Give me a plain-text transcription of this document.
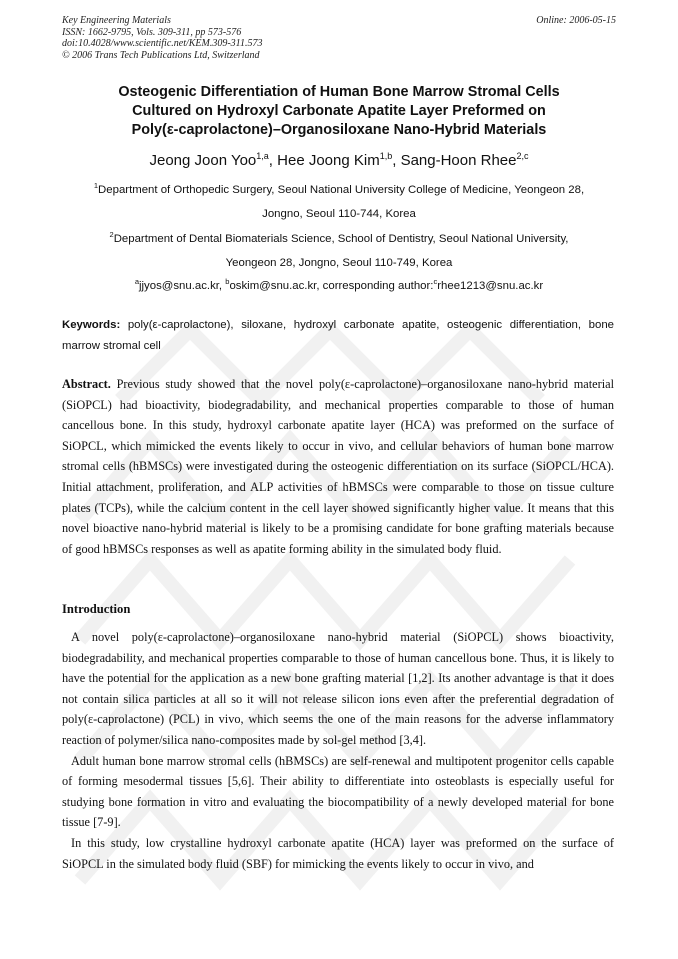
Key Engineering Materials
ISSN: 1662-9795, Vols. 309-311, pp 573-576
doi:10.4028/www.scientific.net/KEM.309-311.573
© 2006 Trans Tech Publications Ltd, Switzerland
Online: 2006-05-15
Osteogenic Differentiation of Human Bone Marrow Stromal Cells
Cultured on Hydroxyl Carbonate Apatite Layer Preformed on
Poly(ε-caprolactone)–Organosiloxane Nano-Hybrid Materials
Jeong Joon Yoo$^{1,a}$, Hee Joong Kim$^{1,b}$, Sang-Hoon Rhee$^{2,c}$
$^1$Department of Orthopedic Surgery, Seoul National University College of Medicine, Yeongeon 28,
Jongno, Seoul 110-744, Korea
$^2$Department of Dental Biomaterials Science, School of Dentistry, Seoul National University,
Yeongeon 28, Jongno, Seoul 110-749, Korea
$^a$jjyos@snu.ac.kr, $^b$oskim@snu.ac.kr, corresponding author:$^c$rhee1213@snu.ac.kr
Keywords: poly(ε-caprolactone), siloxane, hydroxyl carbonate apatite, osteogenic differentiation, bone marrow stromal cell
Abstract. Previous study showed that the novel poly(ε-caprolactone)–organosiloxane nano-hybrid material (SiOPCL) had bioactivity, biodegradability, and mechanical properties comparable to those of human cancellous bone. In this study, hydroxyl carbonate apatite layer (HCA) was preformed on the surface of SiOPCL, which mimicked the events likely to occur in vivo, and cellular behaviors of human bone marrow stromal cells (hBMSCs) were investigated during the osteogenic differentiation on its surface (SiOPCL/HCA). Initial attachment, proliferation, and ALP activities of hBMSCs were comparable to those on tissue culture plates (TCPs), while the calcium content in the cell layer showed significantly higher value. It means that this novel bioactive nano-hybrid material is likely to be a promising candidate for bone grafting materials because of good hBMSCs responses as well as apatite forming ability in the simulated body fluid.
Introduction

A novel poly(ε-caprolactone)–organosiloxane nano-hybrid material (SiOPCL) shows bioactivity, biodegradability, and mechanical properties comparable to those of human cancellous bone. Thus, it is likely to have the potential for the application as a new bone grafting material [1,2]. Its another advantage is that it does not contain silica particles at all so it will not release silicon ions even after the preferential degradation of poly(ε-caprolactone) (PCL) in vivo, which seems the one of the main reasons for the adverse inflammatory reaction of polymer/silica nano-composites made by sol-gel method [3,4].

Adult human bone marrow stromal cells (hBMSCs) are self-renewal and multipotent progenitor cells capable of forming mesodermal tissues [5,6]. Their ability to differentiate into osteoblasts is especially useful for studying bone formation in vitro and evaluating the biocompatibility of a newly developed material for bone tissue [7-9].

In this study, low crystalline hydroxyl carbonate apatite (HCA) layer was preformed on the surface of SiOPCL in the simulated body fluid (SBF) for mimicking the events likely to occur in vivo, and
